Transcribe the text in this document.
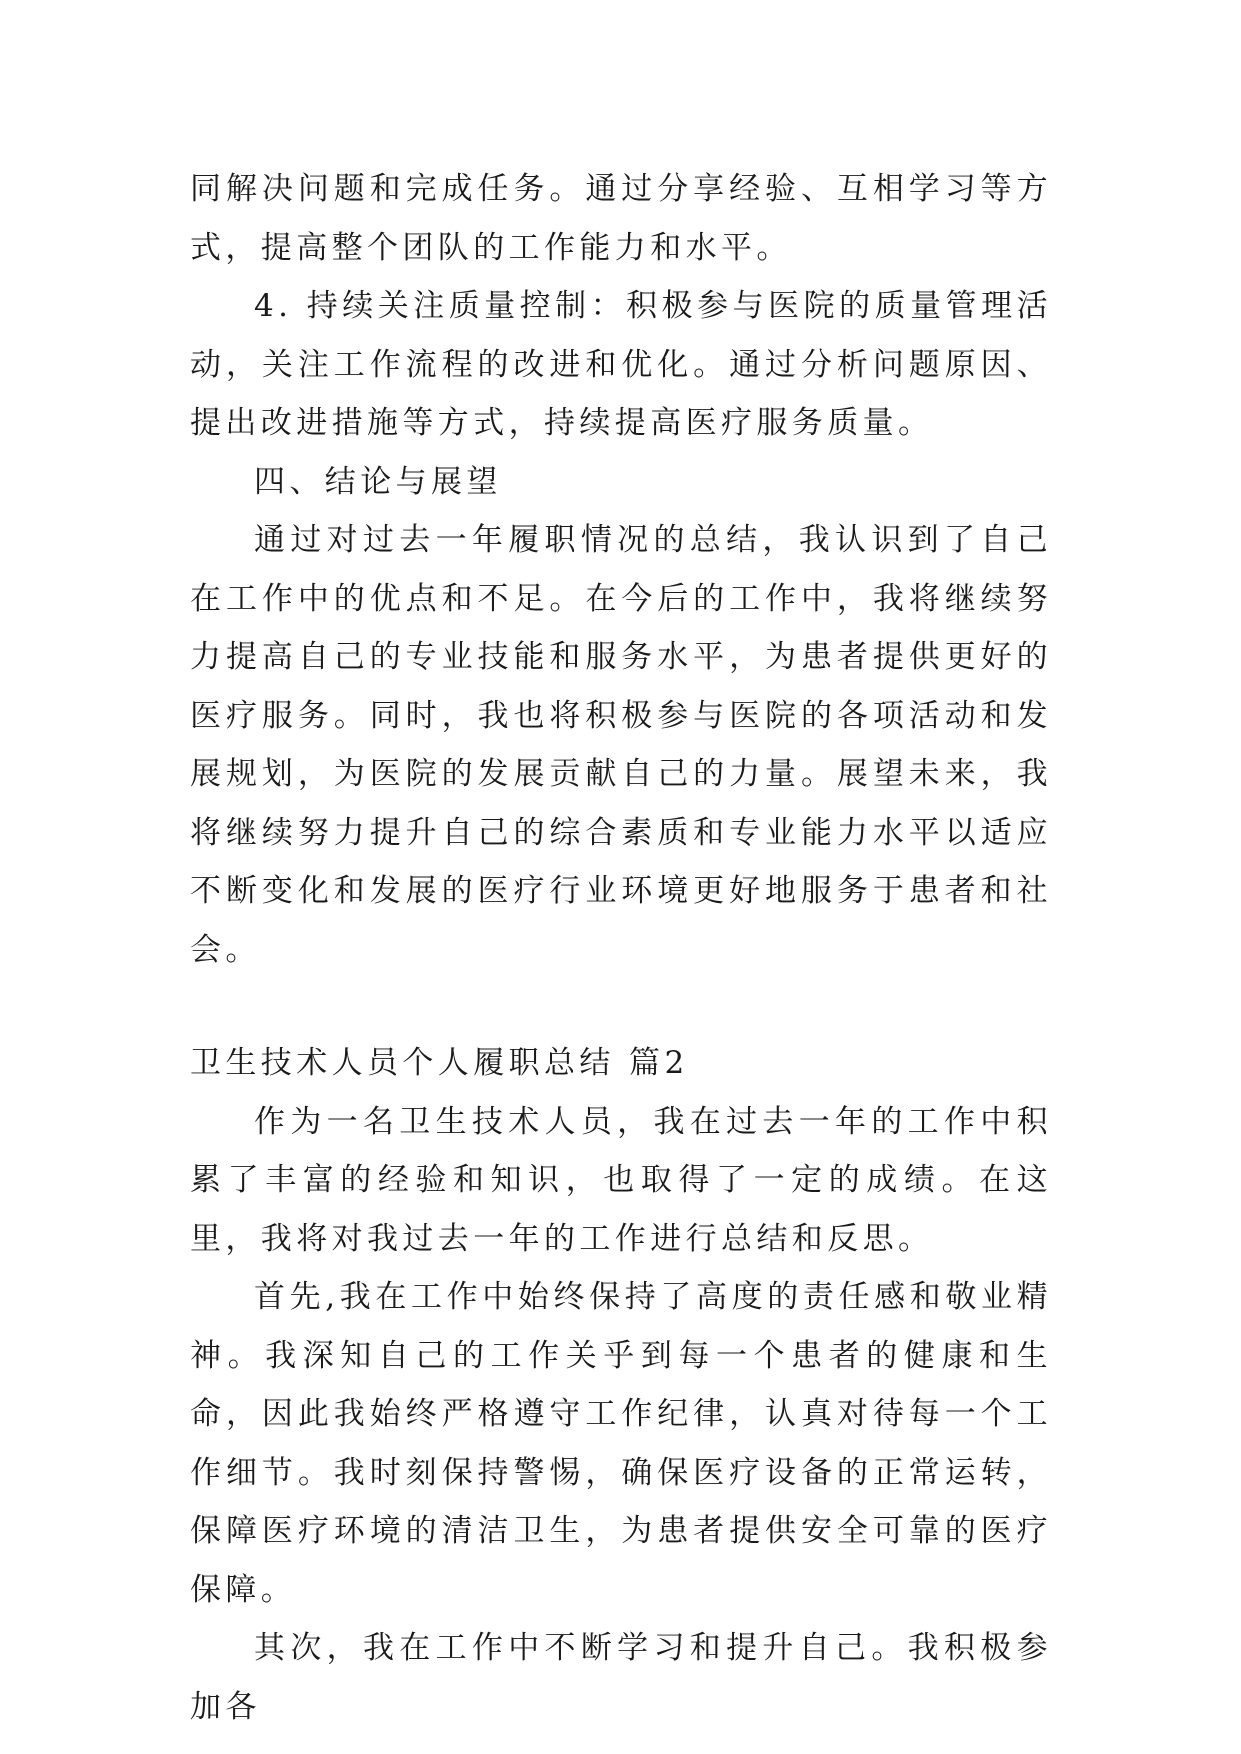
同解决问题和完成任务。通过分享经验、互相学习等方式，提高整个团队的工作能力和水平。

4. 持续关注质量控制：积极参与医院的质量管理活动，关注工作流程的改进和优化。通过分析问题原因、提出改进措施等方式，持续提高医疗服务质量。

四、结论与展望

通过对过去一年履职情况的总结，我认识到了自己在工作中的优点和不足。在今后的工作中，我将继续努力提高自己的专业技能和服务水平，为患者提供更好的医疗服务。同时，我也将积极参与医院的各项活动和发展规划，为医院的发展贡献自己的力量。展望未来，我将继续努力提升自己的综合素质和专业能力水平以适应不断变化和发展的医疗行业环境更好地服务于患者和社会。

卫生技术人员个人履职总结 篇2

作为一名卫生技术人员，我在过去一年的工作中积累了丰富的经验和知识，也取得了一定的成绩。在这里，我将对我过去一年的工作进行总结和反思。

首先,我在工作中始终保持了高度的责任感和敬业精神。我深知自己的工作关乎到每一个患者的健康和生命，因此我始终严格遵守工作纪律，认真对待每一个工作细节。我时刻保持警惕，确保医疗设备的正常运转，保障医疗环境的清洁卫生，为患者提供安全可靠的医疗保障。

其次，我在工作中不断学习和提升自己。我积极参加各
